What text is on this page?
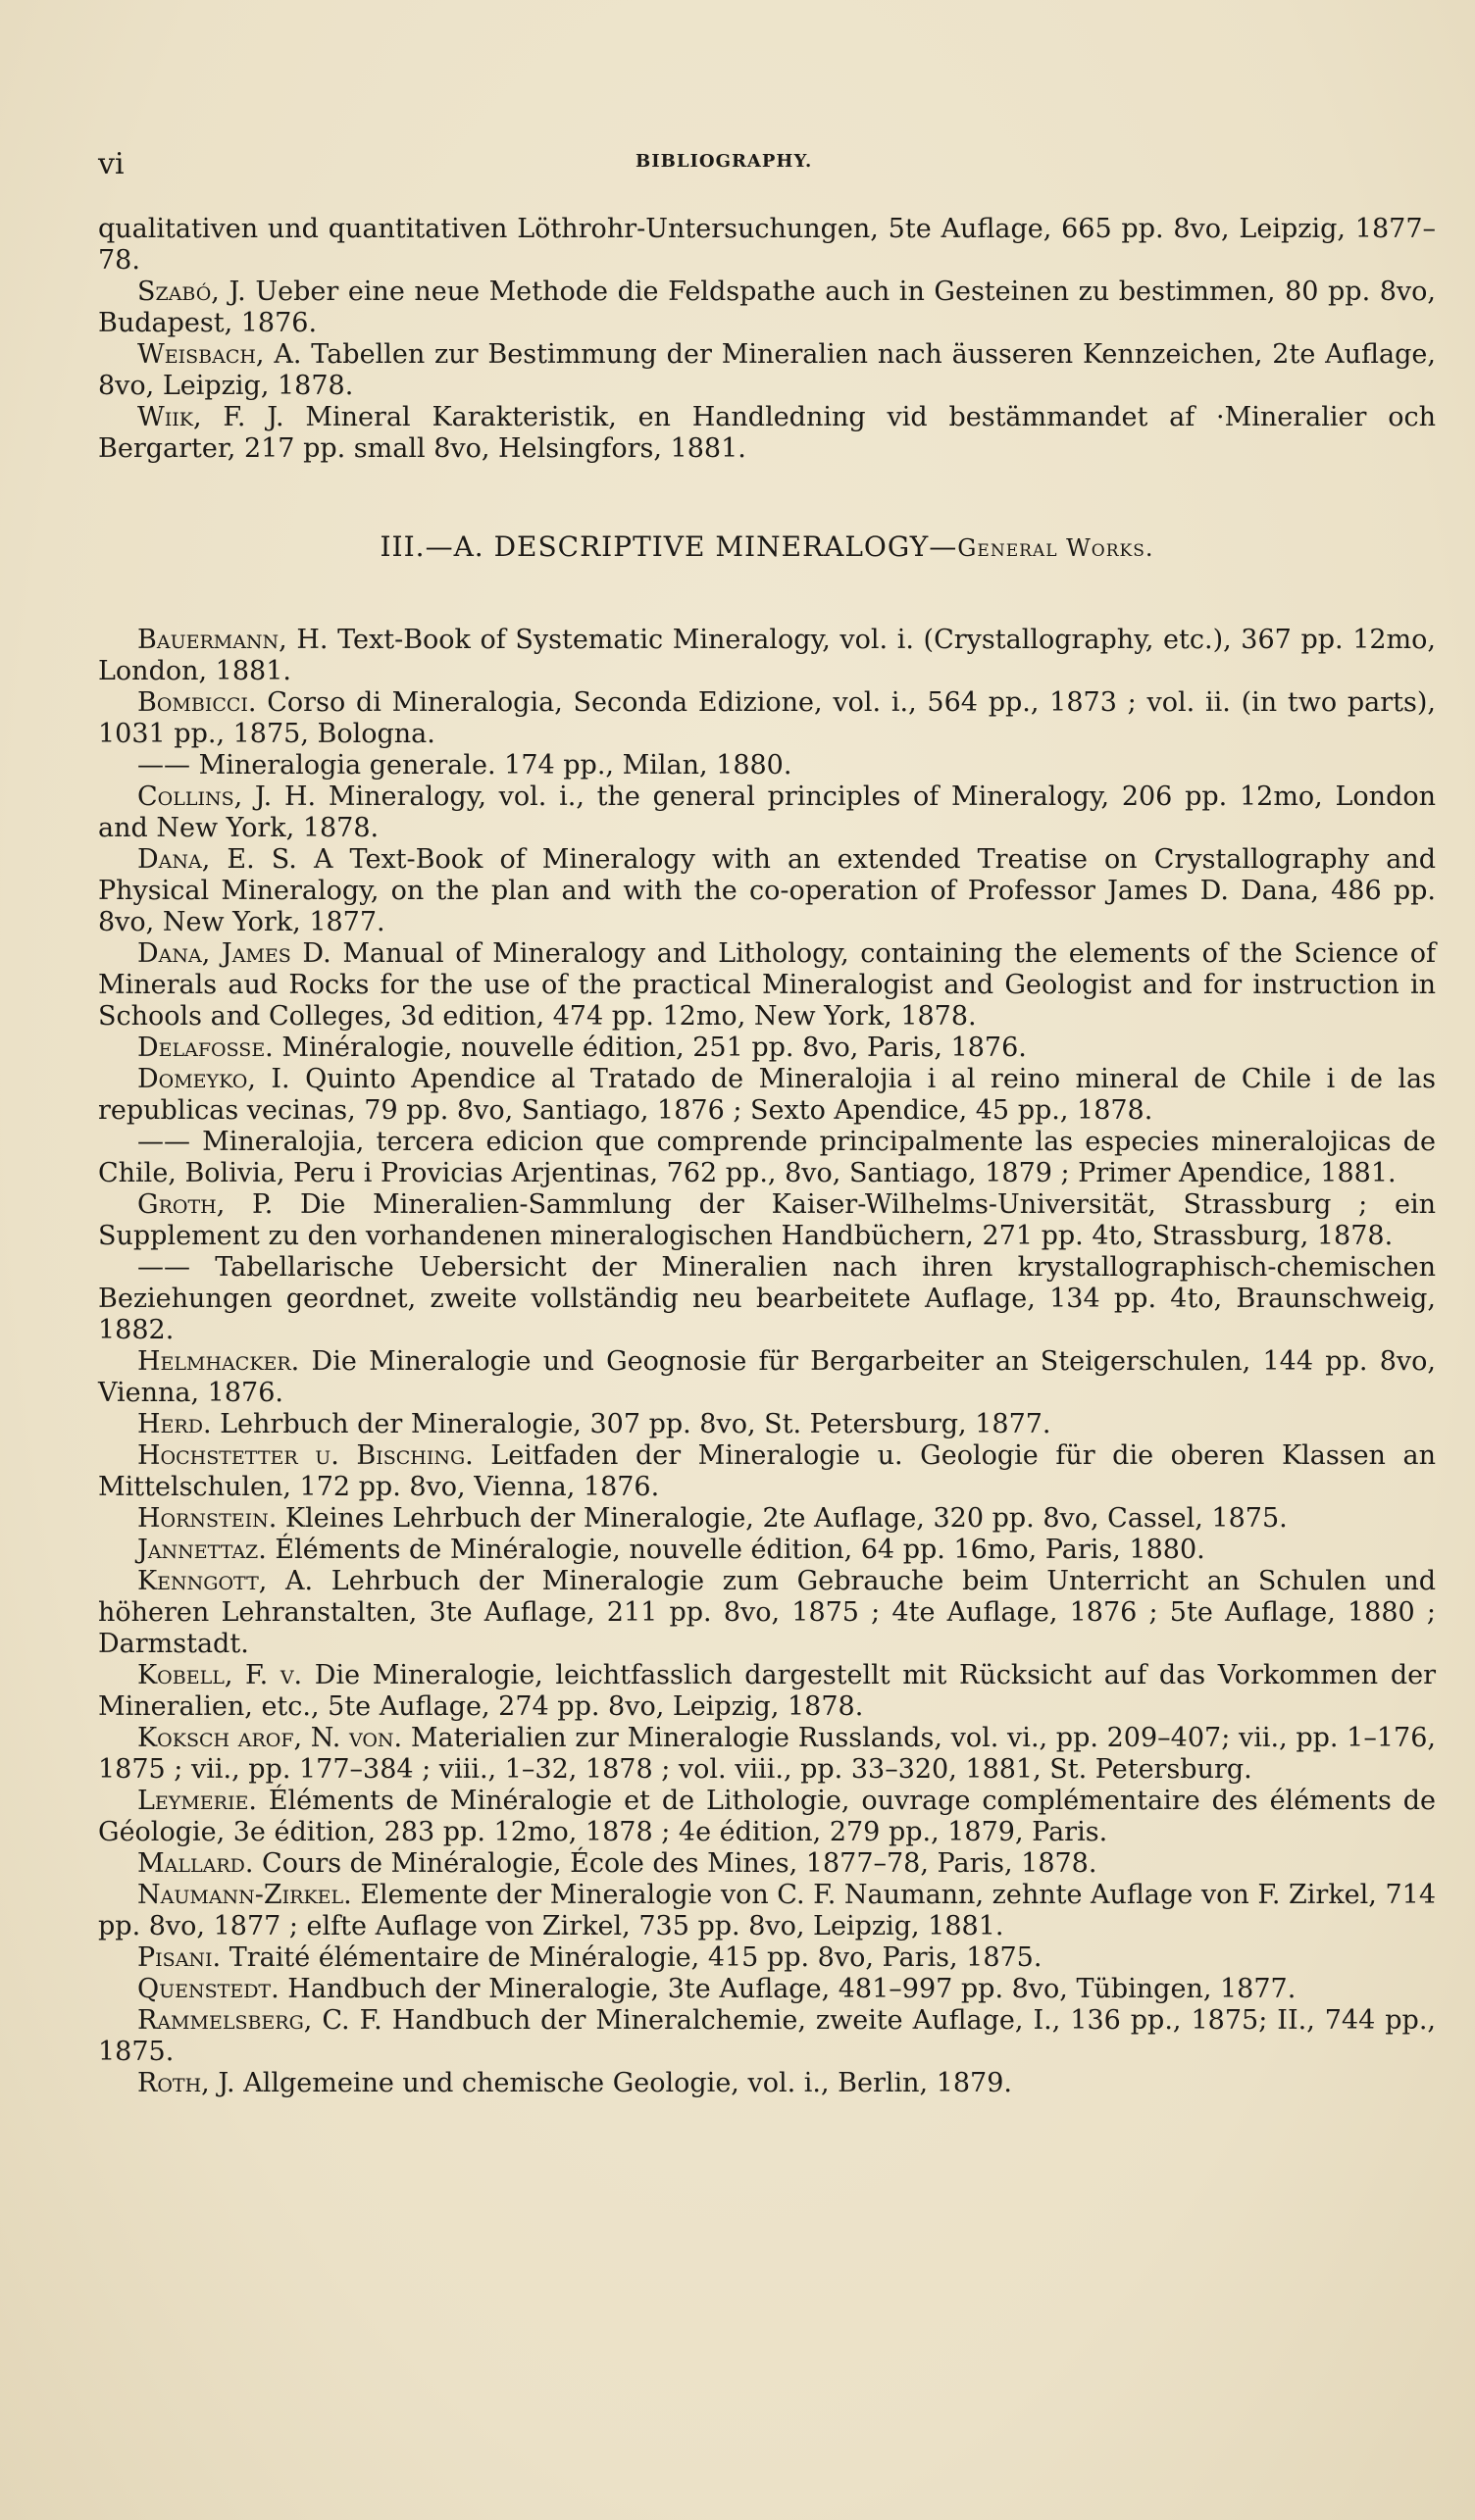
vi	BIBLIOGRAPHY.

qualitativen und quantitativen Löthrohr-Untersuchungen, 5te Auflage, 665 pp. 8vo, Leipzig, 1877–78.

Szabó, J. Ueber eine neue Methode die Feldspathe auch in Gesteinen zu bestimmen, 80 pp. 8vo, Budapest, 1876.

Weisbach, A. Tabellen zur Bestimmung der Mineralien nach äusseren Kennzeichen, 2te Auflage, 8vo, Leipzig, 1878.

Wiik, F. J. Mineral Karakteristik, en Handledning vid bestämmandet af ·Mineralier och Bergarter, 217 pp. small 8vo, Helsingfors, 1881.

III.—A. DESCRIPTIVE MINERALOGY—General Works.

Bauermann, H. Text-Book of Systematic Mineralogy, vol. i. (Crystallography, etc.), 367 pp. 12mo, London, 1881.

Bombicci. Corso di Mineralogia, Seconda Edizione, vol. i., 564 pp., 1873 ; vol. ii. (in two parts), 1031 pp., 1875, Bologna.

—— Mineralogia generale. 174 pp., Milan, 1880.

Collins, J. H. Mineralogy, vol. i., the general principles of Mineralogy, 206 pp. 12mo, London and New York, 1878.

Dana, E. S. A Text-Book of Mineralogy with an extended Treatise on Crystallography and Physical Mineralogy, on the plan and with the co-operation of Professor James D. Dana, 486 pp. 8vo, New York, 1877.

Dana, James D. Manual of Mineralogy and Lithology, containing the elements of the Science of Minerals aud Rocks for the use of the practical Mineralogist and Geologist and for instruction in Schools and Colleges, 3d edition, 474 pp. 12mo, New York, 1878.

Delafosse. Minéralogie, nouvelle édition, 251 pp. 8vo, Paris, 1876.

Domeyko, I. Quinto Apendice al Tratado de Mineralojia i al reino mineral de Chile i de las republicas vecinas, 79 pp. 8vo, Santiago, 1876 ; Sexto Apendice, 45 pp., 1878.

—— Mineralojia, tercera edicion que comprende principalmente las especies mineralojicas de Chile, Bolivia, Peru i Provicias Arjentinas, 762 pp., 8vo, Santiago, 1879 ; Primer Apendice, 1881.

Groth, P. Die Mineralien-Sammlung der Kaiser-Wilhelms-Universität, Strassburg ; ein Supplement zu den vorhandenen mineralogischen Handbüchern, 271 pp. 4to, Strassburg, 1878.

—— Tabellarische Uebersicht der Mineralien nach ihren krystallographisch-chemischen Beziehungen geordnet, zweite vollständig neu bearbeitete Auflage, 134 pp. 4to, Braunschweig, 1882.

Helmhacker. Die Mineralogie und Geognosie für Bergarbeiter an Steigerschulen, 144 pp. 8vo, Vienna, 1876.

Herd. Lehrbuch der Mineralogie, 307 pp. 8vo, St. Petersburg, 1877.

Hochstetter u. Bisching. Leitfaden der Mineralogie u. Geologie für die oberen Klassen an Mittelschulen, 172 pp. 8vo, Vienna, 1876.

Hornstein. Kleines Lehrbuch der Mineralogie, 2te Auflage, 320 pp. 8vo, Cassel, 1875.

Jannettaz. Éléments de Minéralogie, nouvelle édition, 64 pp. 16mo, Paris, 1880.

Kenngott, A. Lehrbuch der Mineralogie zum Gebrauche beim Unterricht an Schulen und höheren Lehranstalten, 3te Auflage, 211 pp. 8vo, 1875 ; 4te Auflage, 1876 ; 5te Auflage, 1880 ; Darmstadt.

Kobell, F. v. Die Mineralogie, leichtfasslich dargestellt mit Rücksicht auf das Vorkommen der Mineralien, etc., 5te Auflage, 274 pp. 8vo, Leipzig, 1878.

Koksch arof, N. von. Materialien zur Mineralogie Russlands, vol. vi., pp. 209–407; vii., pp. 1–176, 1875 ; vii., pp. 177–384 ; viii., 1–32, 1878 ; vol. viii., pp. 33–320, 1881, St. Petersburg.

Leymerie. Éléments de Minéralogie et de Lithologie, ouvrage complémentaire des éléments de Géologie, 3e édition, 283 pp. 12mo, 1878 ; 4e édition, 279 pp., 1879, Paris.

Mallard. Cours de Minéralogie, École des Mines, 1877–78, Paris, 1878.

Naumann-Zirkel. Elemente der Mineralogie von C. F. Naumann, zehnte Auflage von F. Zirkel, 714 pp. 8vo, 1877 ; elfte Auflage von Zirkel, 735 pp. 8vo, Leipzig, 1881.

Pisani. Traité élémentaire de Minéralogie, 415 pp. 8vo, Paris, 1875.

Quenstedt. Handbuch der Mineralogie, 3te Auflage, 481–997 pp. 8vo, Tübingen, 1877.

Rammelsberg, C. F. Handbuch der Mineralchemie, zweite Auflage, I., 136 pp., 1875; II., 744 pp., 1875.

Roth, J. Allgemeine und chemische Geologie, vol. i., Berlin, 1879.
